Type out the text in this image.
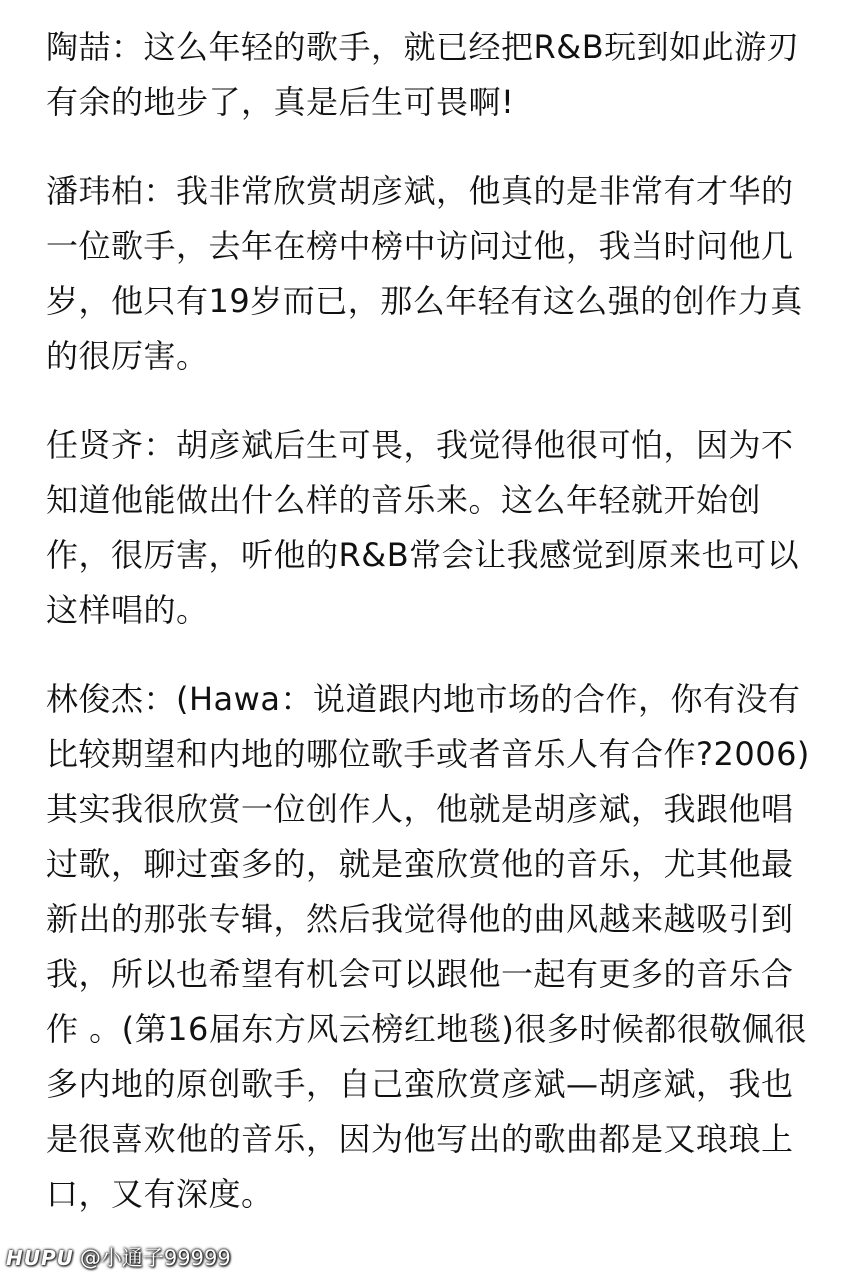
陶喆：这么年轻的歌手，就已经把R&B玩到如此游刃有余的地步了，真是后生可畏啊!

潘玮柏：我非常欣赏胡彦斌，他真的是非常有才华的一位歌手，去年在榜中榜中访问过他，我当时问他几岁，他只有19岁而已，那么年轻有这么强的创作力真的很厉害。

任贤齐：胡彦斌后生可畏，我觉得他很可怕，因为不知道他能做出什么样的音乐来。这么年轻就开始创作，很厉害，听他的R&B常会让我感觉到原来也可以这样唱的。

林俊杰：(Hawa：说道跟内地市场的合作，你有没有比较期望和内地的哪位歌手或者音乐人有合作?2006)其实我很欣赏一位创作人，他就是胡彦斌，我跟他唱过歌，聊过蛮多的，就是蛮欣赏他的音乐，尤其他最新出的那张专辑，然后我觉得他的曲风越来越吸引到我，所以也希望有机会可以跟他一起有更多的音乐合作 。(第16届东方风云榜红地毯)很多时候都很敬佩很多内地的原创歌手，自己蛮欣赏彦斌—胡彦斌，我也是很喜欢他的音乐，因为他写出的歌曲都是又琅琅上口，又有深度。

HUPU @小通子99999
